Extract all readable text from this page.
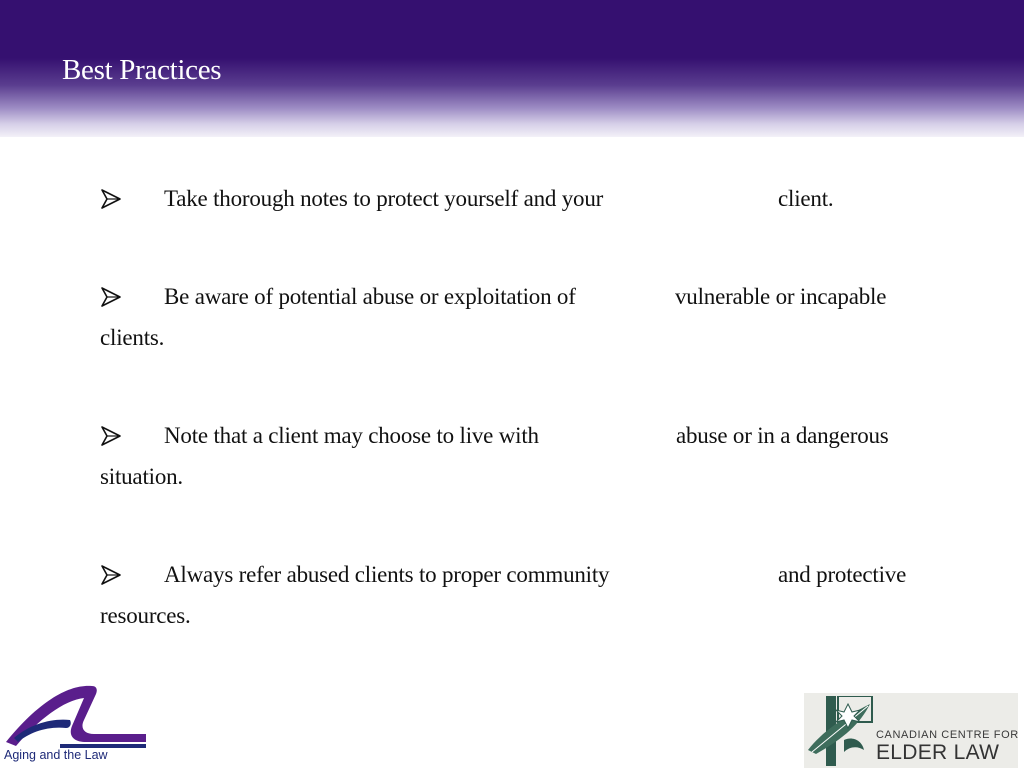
Best Practices
Take thorough notes to protect yourself and your	client.
Be aware of potential abuse or exploitation of	vulnerable or incapable
clients.
Note that a client may choose to live with	abuse or in a dangerous
situation.
Always refer abused clients to proper community	and protective
resources.
Aging and the Law
CANADIAN CENTRE FOR
ELDER LAW
